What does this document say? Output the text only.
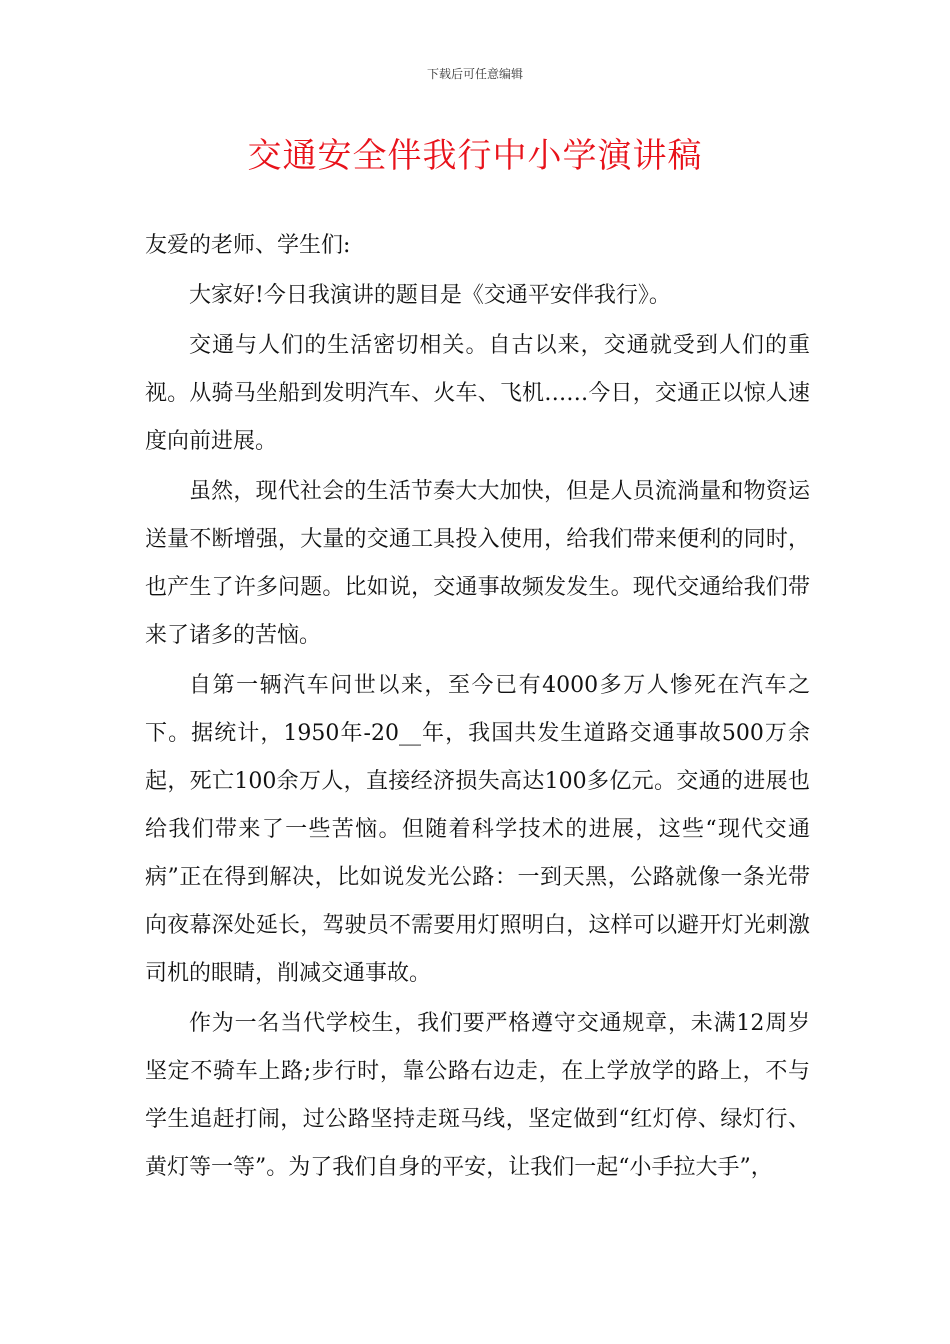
下载后可任意编辑
交通安全伴我行中小学演讲稿

友爱的老师、学生们:

大家好!今日我演讲的题目是《交通平安伴我行》。

交通与人们的生活密切相关。自古以来，交通就受到人们的重视。从骑马坐船到发明汽车、火车、飞机……今日，交通正以惊人速度向前进展。

虽然，现代社会的生活节奏大大加快，但是人员流淌量和物资运送量不断增强，大量的交通工具投入使用，给我们带来便利的同时，也产生了许多问题。比如说，交通事故频发发生。现代交通给我们带来了诸多的苦恼。

自第一辆汽车问世以来，至今已有4000多万人惨死在汽车之下。据统计，1950年-20__年，我国共发生道路交通事故500万余起，死亡100余万人，直接经济损失高达100多亿元。交通的进展也给我们带来了一些苦恼。但随着科学技术的进展，这些“现代交通病”正在得到解决，比如说发光公路：一到天黑，公路就像一条光带向夜幕深处延长，驾驶员不需要用灯照明白，这样可以避开灯光刺激司机的眼睛，削减交通事故。

作为一名当代学校生，我们要严格遵守交通规章，未满12周岁坚定不骑车上路;步行时，靠公路右边走，在上学放学的路上，不与学生追赶打闹，过公路坚持走斑马线，坚定做到“红灯停、绿灯行、黄灯等一等”。为了我们自身的平安，让我们一起“小手拉大手”，
